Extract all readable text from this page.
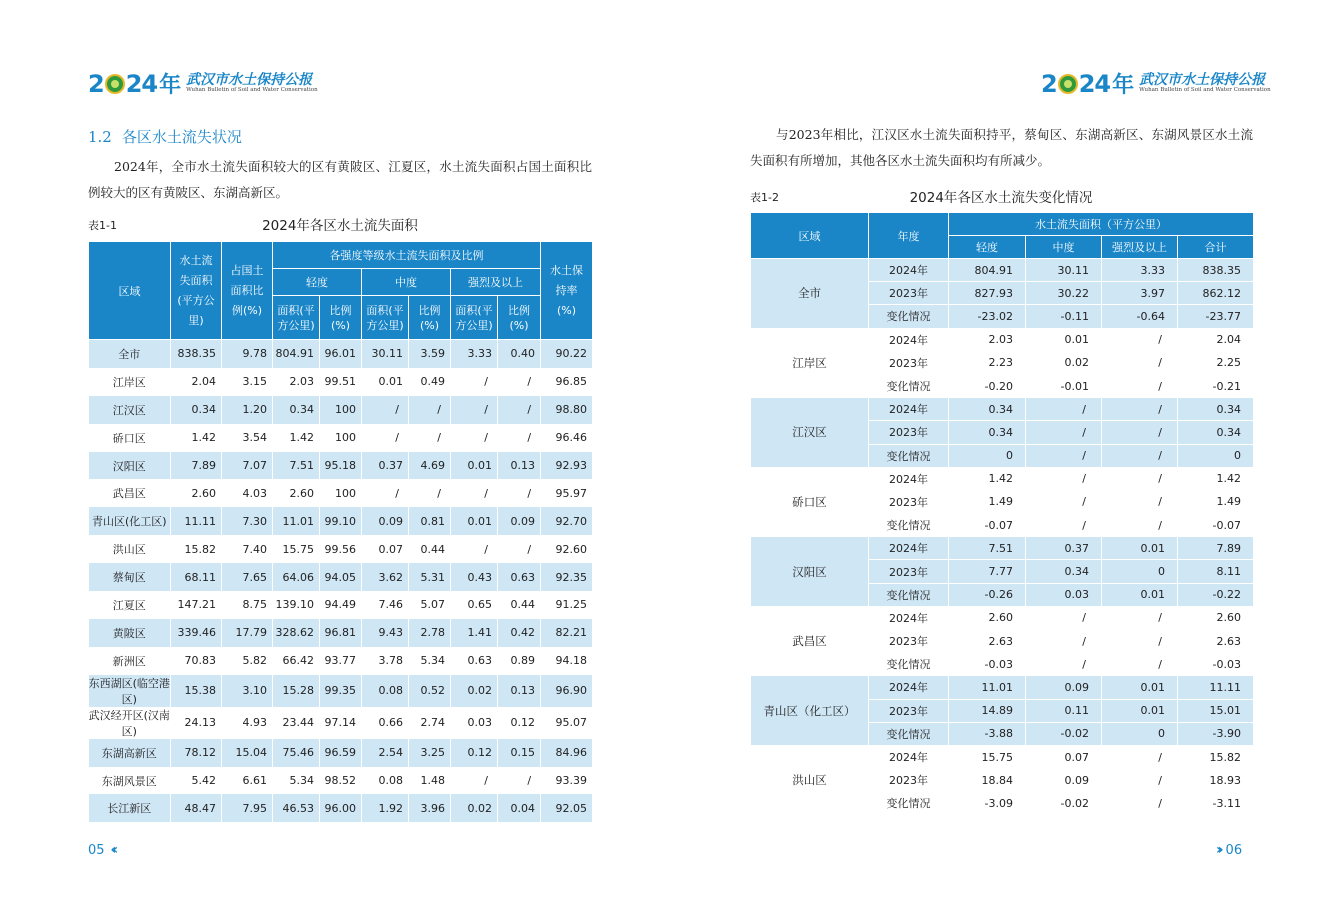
2 24 年 武汉市水土保持公报
Wuhan Bulletin of Soil and Water Conservation
1.2 各区水土流失状况
2024年，全市水土流失面积较大的区有黄陂区、江夏区，水土流失面积占国土面积比例较大的区有黄陂区、东湖高新区。
表1-1	2024年各区水土流失面积
区域	水土流失面积(平方公里)	占国土面积比例(%)	各强度等级水土流失面积及比例						水土保持率(%)
			轻度		中度		强烈及以上		
			面积(平方公里)	比例(%)	面积(平方公里)	比例(%)	面积(平方公里)	比例(%)	
全市	838.35	9.78	804.91	96.01	30.11	3.59	3.33	0.40	90.22
江岸区	2.04	3.15	2.03	99.51	0.01	0.49	/	/	96.85
江汉区	0.34	1.20	0.34	100	/	/	/	/	98.80
硚口区	1.42	3.54	1.42	100	/	/	/	/	96.46
汉阳区	7.89	7.07	7.51	95.18	0.37	4.69	0.01	0.13	92.93
武昌区	2.60	4.03	2.60	100	/	/	/	/	95.97
青山区(化工区)	11.11	7.30	11.01	99.10	0.09	0.81	0.01	0.09	92.70
洪山区	15.82	7.40	15.75	99.56	0.07	0.44	/	/	92.60
蔡甸区	68.11	7.65	64.06	94.05	3.62	5.31	0.43	0.63	92.35
江夏区	147.21	8.75	139.10	94.49	7.46	5.07	0.65	0.44	91.25
黄陂区	339.46	17.79	328.62	96.81	9.43	2.78	1.41	0.42	82.21
新洲区	70.83	5.82	66.42	93.77	3.78	5.34	0.63	0.89	94.18
东西湖区(临空港区)	15.38	3.10	15.28	99.35	0.08	0.52	0.02	0.13	96.90
武汉经开区(汉南区)	24.13	4.93	23.44	97.14	0.66	2.74	0.03	0.12	95.07
东湖高新区	78.12	15.04	75.46	96.59	2.54	3.25	0.12	0.15	84.96
东湖风景区	5.42	6.61	5.34	98.52	0.08	1.48	/	/	93.39
长江新区	48.47	7.95	46.53	96.00	1.92	3.96	0.02	0.04	92.05
05 ‹‹
2 24 年 武汉市水土保持公报
Wuhan Bulletin of Soil and Water Conservation
与2023年相比，江汉区水土流失面积持平，蔡甸区、东湖高新区、东湖风景区水土流失面积有所增加，其他各区水土流失面积均有所减少。
表1-2	2024年各区水土流失变化情况
区域	年度	水土流失面积（平方公里）			
		轻度	中度	强烈及以上	合计
全市	2024年	804.91	30.11	3.33	838.35
	2023年	827.93	30.22	3.97	862.12
	变化情况	-23.02	-0.11	-0.64	-23.77
江岸区	2024年	2.03	0.01	/	2.04
	2023年	2.23	0.02	/	2.25
	变化情况	-0.20	-0.01	/	-0.21
江汉区	2024年	0.34	/	/	0.34
	2023年	0.34	/	/	0.34
	变化情况	0	/	/	0
硚口区	2024年	1.42	/	/	1.42
	2023年	1.49	/	/	1.49
	变化情况	-0.07	/	/	-0.07
汉阳区	2024年	7.51	0.37	0.01	7.89
	2023年	7.77	0.34	0	8.11
	变化情况	-0.26	0.03	0.01	-0.22
武昌区	2024年	2.60	/	/	2.60
	2023年	2.63	/	/	2.63
	变化情况	-0.03	/	/	-0.03
青山区（化工区）	2024年	11.01	0.09	0.01	11.11
	2023年	14.89	0.11	0.01	15.01
	变化情况	-3.88	-0.02	0	-3.90
洪山区	2024年	15.75	0.07	/	15.82
	2023年	18.84	0.09	/	18.93
	变化情况	-3.09	-0.02	/	-3.11
›› 06
